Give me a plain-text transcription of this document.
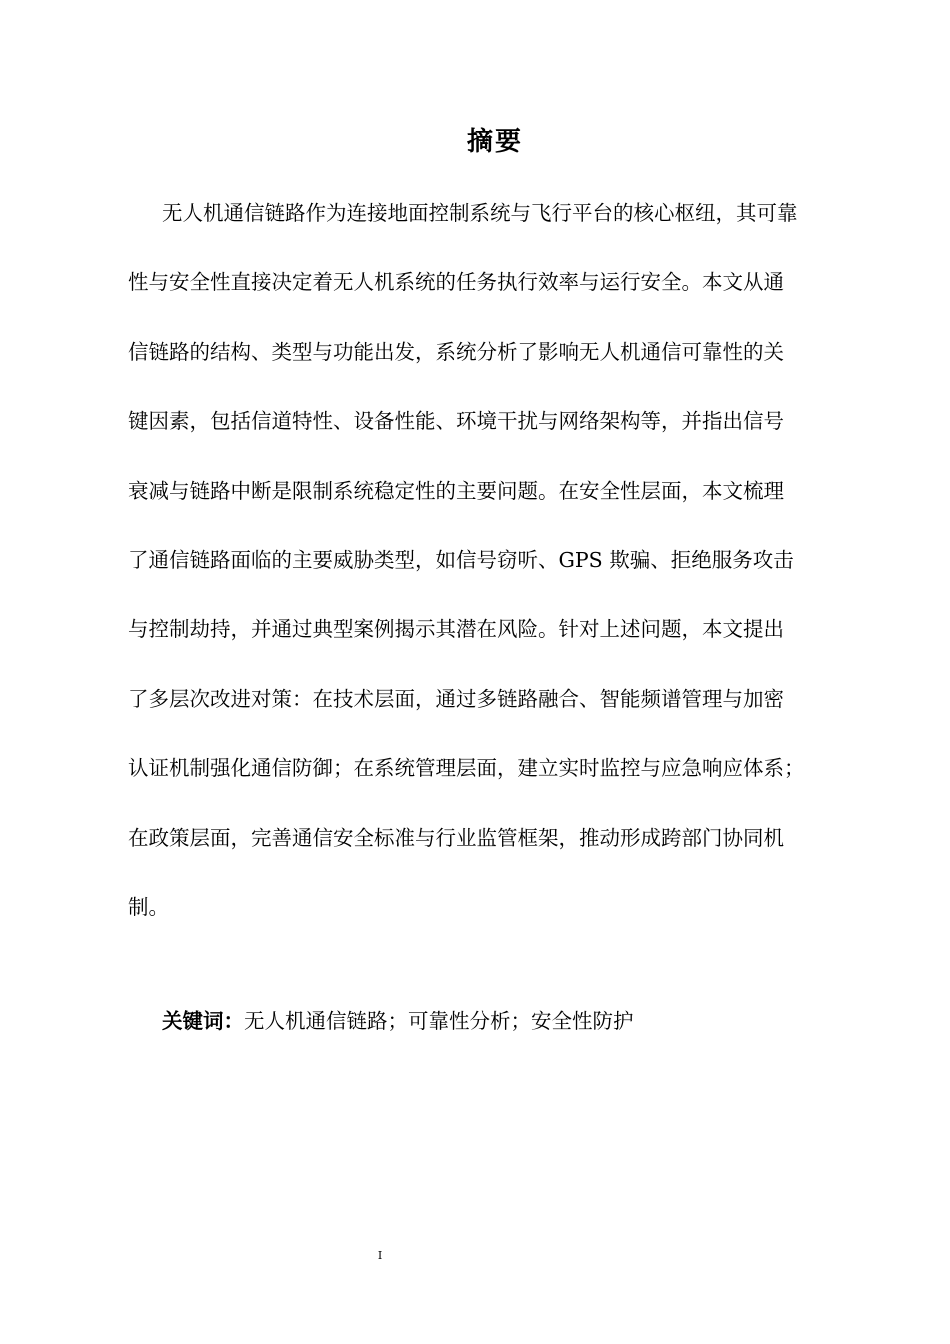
摘要
无人机通信链路作为连接地面控制系统与飞行平台的核心枢纽，其可靠
性与安全性直接决定着无人机系统的任务执行效率与运行安全。本文从通
信链路的结构、类型与功能出发，系统分析了影响无人机通信可靠性的关
键因素，包括信道特性、设备性能、环境干扰与网络架构等，并指出信号
衰减与链路中断是限制系统稳定性的主要问题。在安全性层面，本文梳理
了通信链路面临的主要威胁类型，如信号窃听、GPS 欺骗、拒绝服务攻击
与控制劫持，并通过典型案例揭示其潜在风险。针对上述问题，本文提出
了多层次改进对策：在技术层面，通过多链路融合、智能频谱管理与加密
认证机制强化通信防御；在系统管理层面，建立实时监控与应急响应体系；
在政策层面，完善通信安全标准与行业监管框架，推动形成跨部门协同机
制。
关键词：无人机通信链路；可靠性分析；安全性防护
I
